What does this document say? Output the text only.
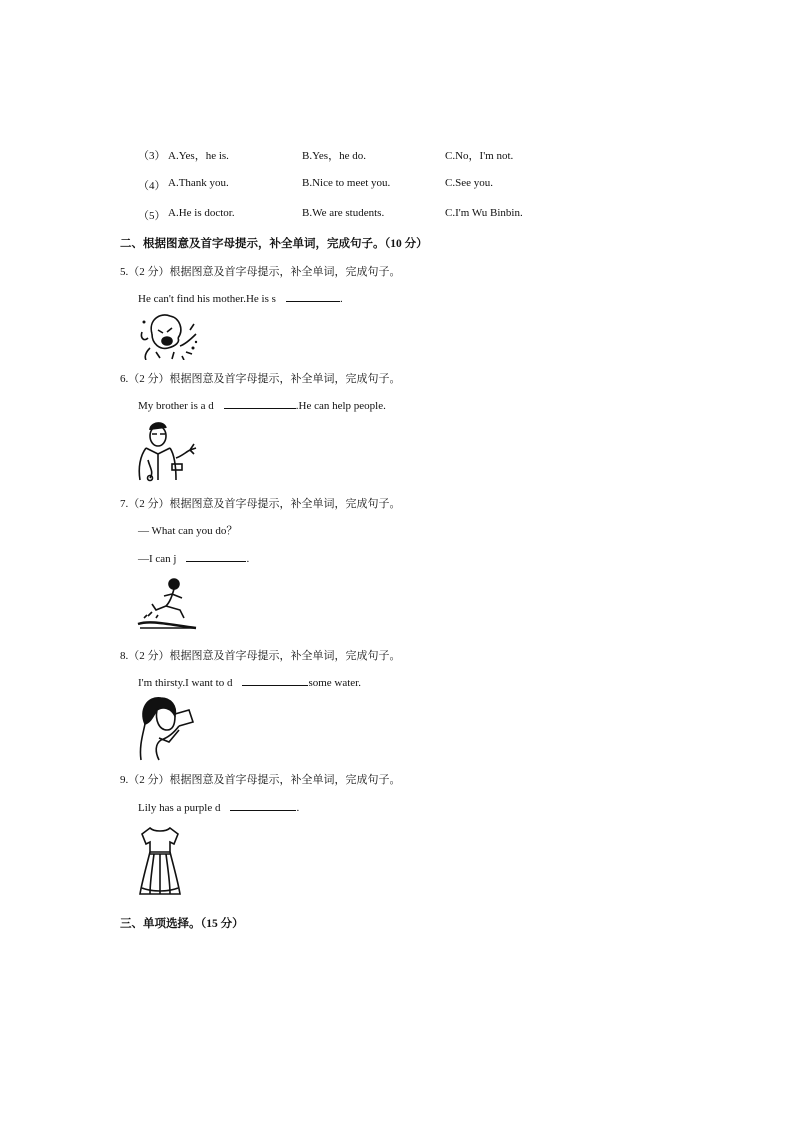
（3） A.Yes，he is.	B.Yes，he do.	C.No，I'm not.
（4） A.Thank you.	B.Nice to meet you.	C.See you.
（5） A.He is doctor.	B.We are students.	C.I'm Wu Binbin.
二、根据图意及首字母提示，补全单词，完成句子。（10 分）
5.（2 分）根据图意及首字母提示，补全单词，完成句子。
He can't find his mother.He is s	.
6.（2 分）根据图意及首字母提示，补全单词，完成句子。
My brother is a d	.He can help people.
7.（2 分）根据图意及首字母提示，补全单词，完成句子。
— What can you do？
—I can j	.
8.（2 分）根据图意及首字母提示，补全单词，完成句子。
I'm thirsty.I want to d	some water.
9.（2 分）根据图意及首字母提示，补全单词，完成句子。
Lily has a purple d	.
三、单项选择。（15 分）
